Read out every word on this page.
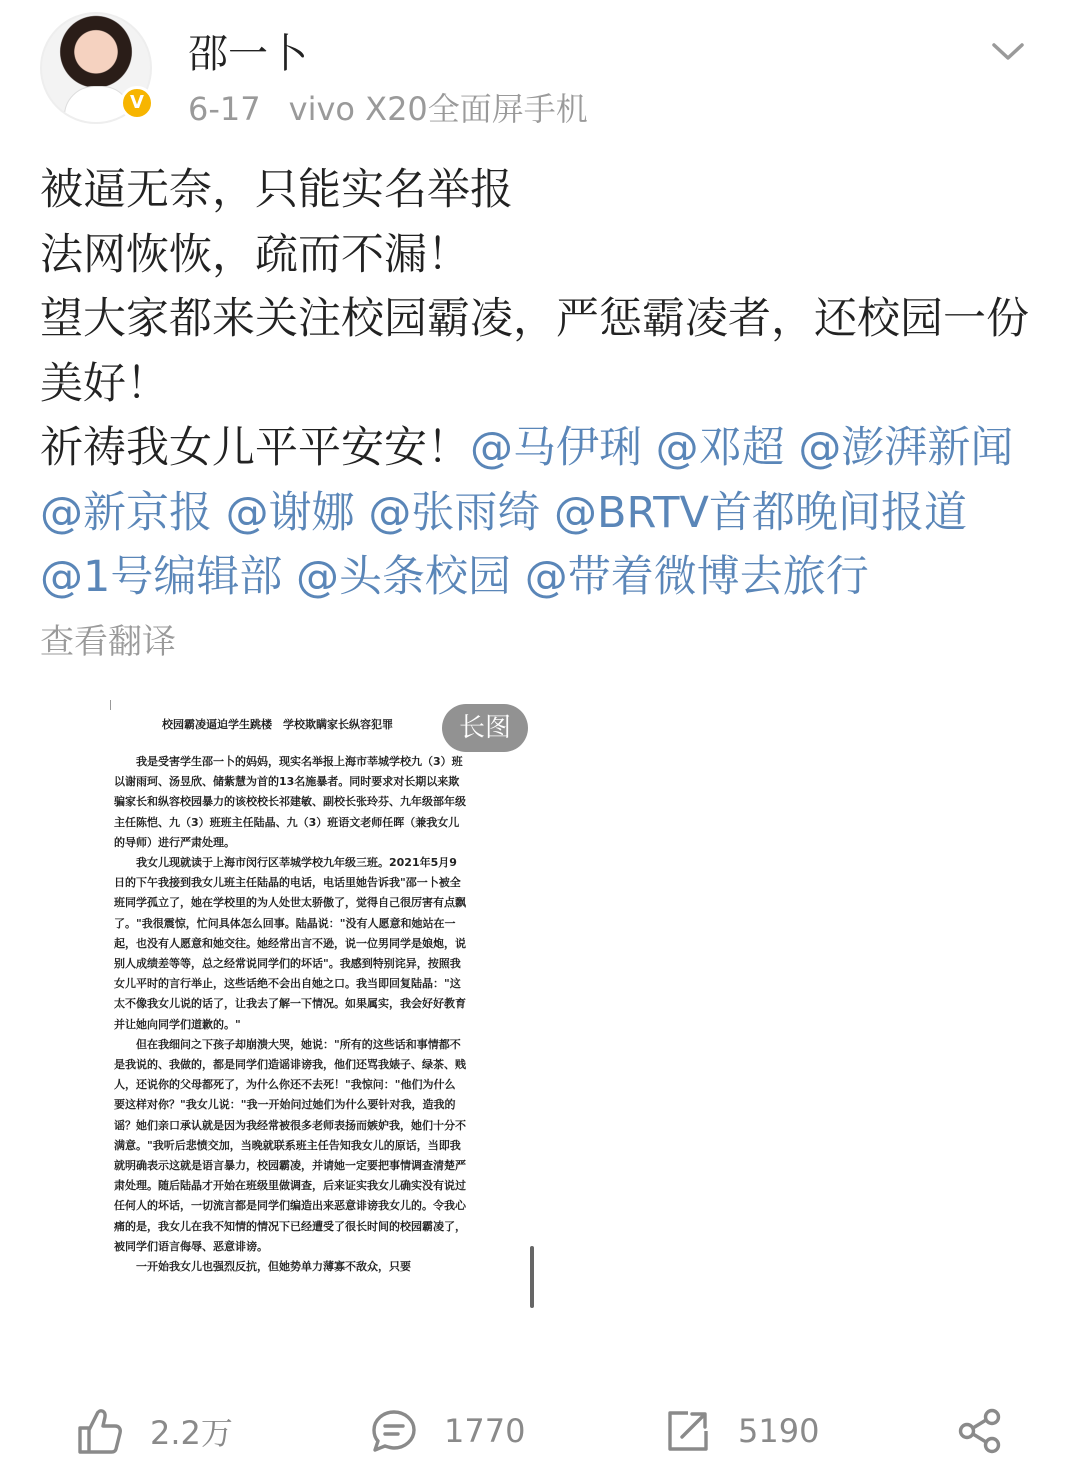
V
邵一卜
6-17 vivo X20全面屏手机
被逼无奈，只能实名举报
法网恢恢，疏而不漏！
望大家都来关注校园霸凌，严惩霸凌者，还校园一份美好！
祈祷我女儿平平安安！@马伊琍 @邓超 @澎湃新闻 @新京报 @谢娜 @张雨绮 @BRTV首都晚间报道 @1号编辑部 @头条校园 @带着微博去旅行
查看翻译
校园霸凌逼迫学生跳楼　学校欺瞒家长纵容犯罪

我是受害学生邵一卜的妈妈，现实名举报上海市莘城学校九（3）班以谢雨珂、汤昱欣、储紫慧为首的13名施暴者。同时要求对长期以来欺骗家长和纵容校园暴力的该校校长祁建敏、副校长张玲芬、九年级部年级主任陈恺、九（3）班班主任陆晶、九（3）班语文老师任晖（兼我女儿的导师）进行严肃处理。

我女儿现就读于上海市闵行区莘城学校九年级三班。2021年5月9日的下午我接到我女儿班主任陆晶的电话，电话里她告诉我"邵一卜被全班同学孤立了，她在学校里的为人处世太骄傲了，觉得自己很厉害有点飘了。"我很震惊，忙问具体怎么回事。陆晶说："没有人愿意和她站在一起，也没有人愿意和她交往。她经常出言不逊，说一位男同学是娘炮，说别人成绩差等等，总之经常说同学们的坏话"。我感到特别诧异，按照我女儿平时的言行举止，这些话绝不会出自她之口。我当即回复陆晶："这太不像我女儿说的话了，让我去了解一下情况。如果属实，我会好好教育并让她向同学们道歉的。"

但在我细问之下孩子却崩溃大哭，她说："所有的这些话和事情都不是我说的、我做的，都是同学们造谣诽谤我，他们还骂我婊子、绿茶、贱人，还说你的父母都死了，为什么你还不去死！"我惊问："他们为什么要这样对你？"我女儿说："我一开始问过她们为什么要针对我，造我的谣？她们亲口承认就是因为我经常被很多老师表扬而嫉妒我，她们十分不满意。"我听后悲愤交加，当晚就联系班主任告知我女儿的原话，当即我就明确表示这就是语言暴力，校园霸凌，并请她一定要把事情调查清楚严肃处理。随后陆晶才开始在班级里做调查，后来证实我女儿确实没有说过任何人的坏话，一切流言都是同学们编造出来恶意诽谤我女儿的。令我心痛的是，我女儿在我不知情的情况下已经遭受了很长时间的校园霸凌了，被同学们语言侮辱、恶意诽谤。

一开始我女儿也强烈反抗，但她势单力薄寡不敌众，只要

长图
2.2万	1770	5190
